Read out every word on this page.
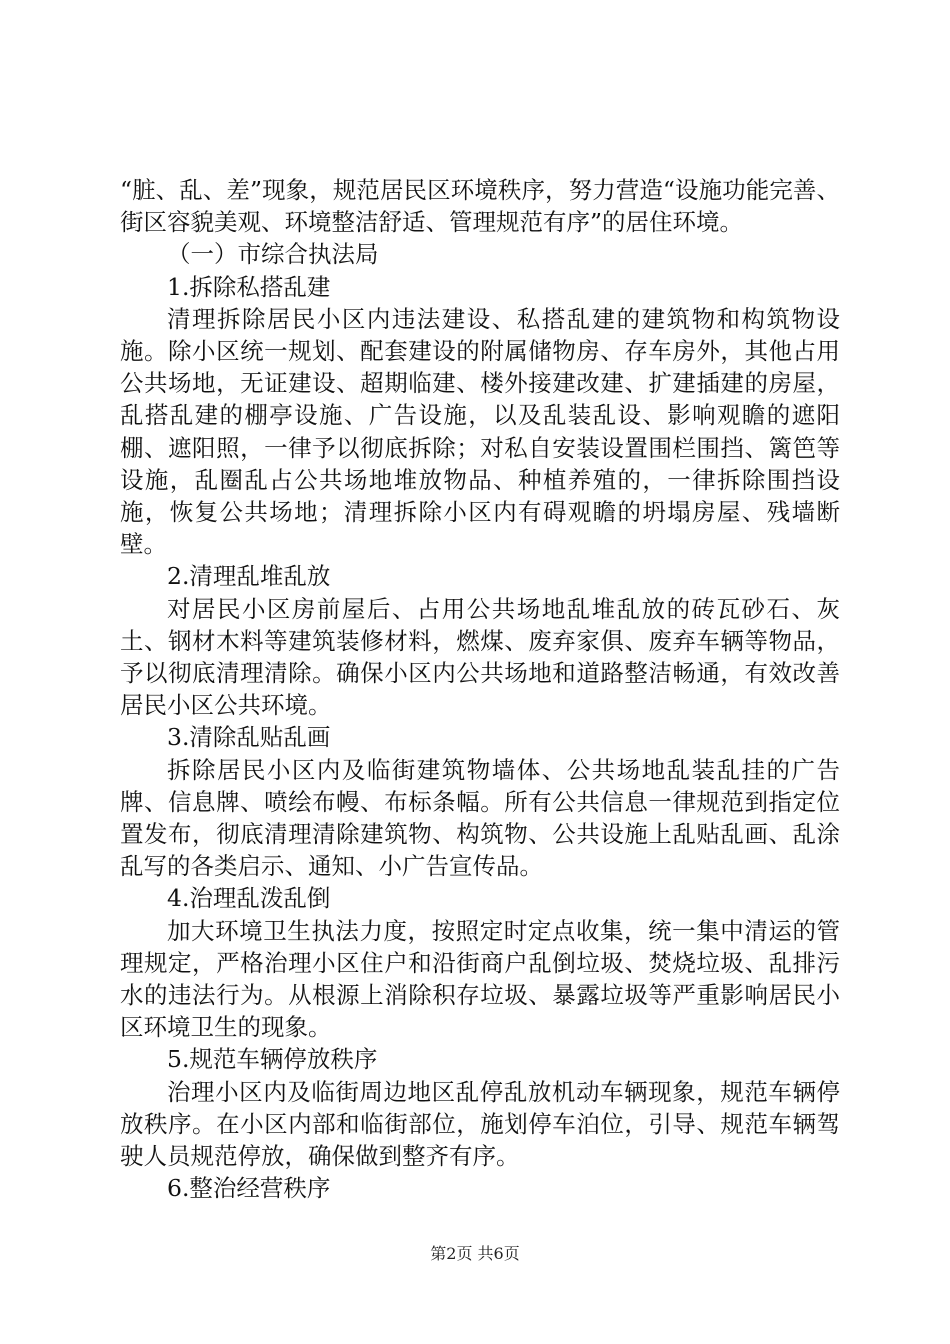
“脏、乱、差”现象，规范居民区环境秩序，努力营造“设施功能完善、街区容貌美观、环境整洁舒适、管理规范有序”的居住环境。

（一）市综合执法局

1.拆除私搭乱建

清理拆除居民小区内违法建设、私搭乱建的建筑物和构筑物设施。除小区统一规划、配套建设的附属储物房、存车房外，其他占用公共场地，无证建设、超期临建、楼外接建改建、扩建插建的房屋，乱搭乱建的棚亭设施、广告设施，以及乱装乱设、影响观瞻的遮阳棚、遮阳照，一律予以彻底拆除；对私自安装设置围栏围挡、篱笆等设施，乱圈乱占公共场地堆放物品、种植养殖的，一律拆除围挡设施，恢复公共场地；清理拆除小区内有碍观瞻的坍塌房屋、残墙断壁。

2.清理乱堆乱放

对居民小区房前屋后、占用公共场地乱堆乱放的砖瓦砂石、灰土、钢材木料等建筑装修材料，燃煤、废弃家俱、废弃车辆等物品，予以彻底清理清除。确保小区内公共场地和道路整洁畅通，有效改善居民小区公共环境。

3.清除乱贴乱画

拆除居民小区内及临街建筑物墙体、公共场地乱装乱挂的广告牌、信息牌、喷绘布幔、布标条幅。所有公共信息一律规范到指定位置发布，彻底清理清除建筑物、构筑物、公共设施上乱贴乱画、乱涂乱写的各类启示、通知、小广告宣传品。

4.治理乱泼乱倒

加大环境卫生执法力度，按照定时定点收集，统一集中清运的管理规定，严格治理小区住户和沿街商户乱倒垃圾、焚烧垃圾、乱排污水的违法行为。从根源上消除积存垃圾、暴露垃圾等严重影响居民小区环境卫生的现象。

5.规范车辆停放秩序

治理小区内及临街周边地区乱停乱放机动车辆现象，规范车辆停放秩序。在小区内部和临街部位，施划停车泊位，引导、规范车辆驾驶人员规范停放，确保做到整齐有序。

6.整治经营秩序

第2页 共6页
